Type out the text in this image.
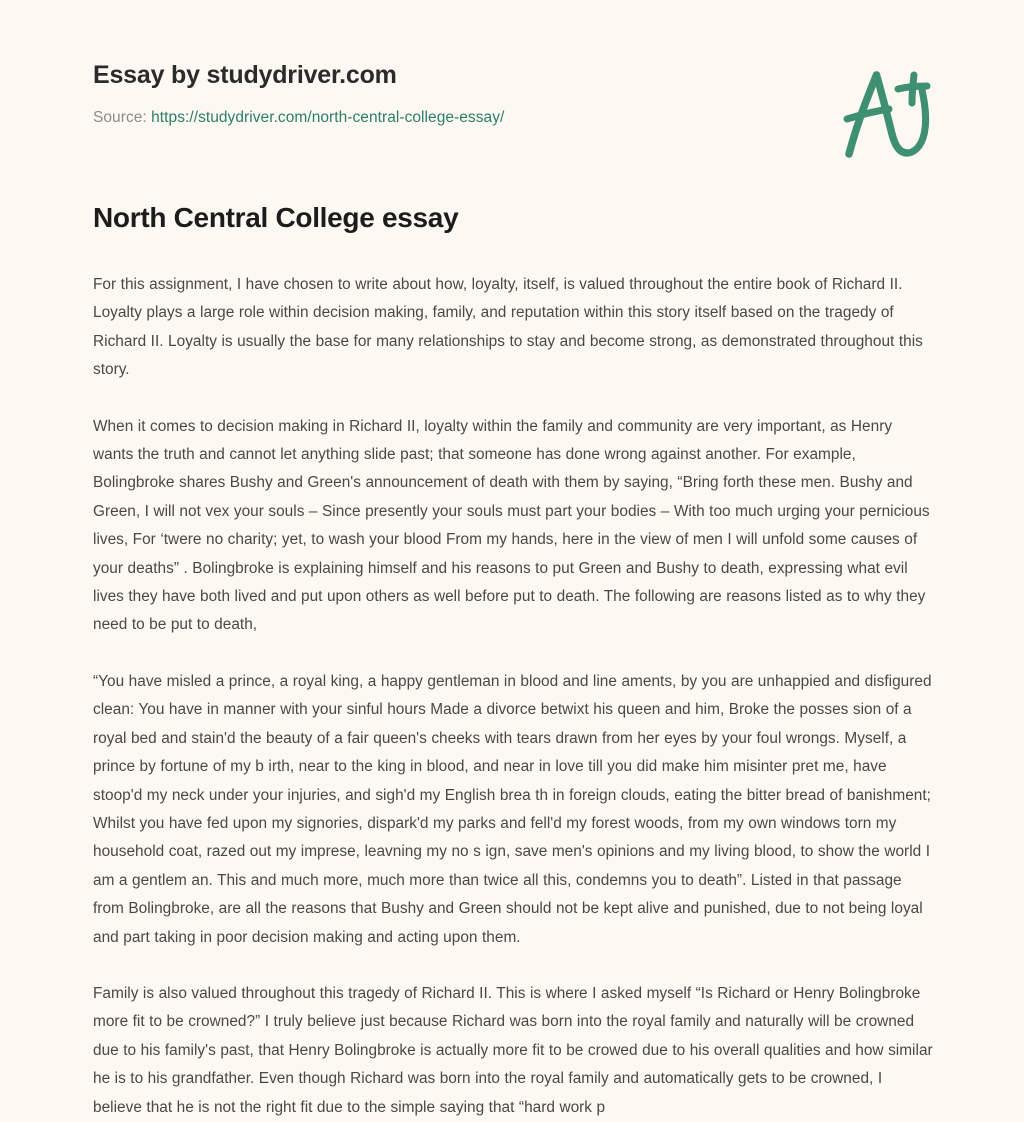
Essay by studydriver.com
Source: https://studydriver.com/north-central-college-essay/
North Central College essay

For this assignment, I have chosen to write about how, loyalty, itself, is valued throughout the entire book of Richard II. Loyalty plays a large role within decision making, family, and reputation within this story itself based on the tragedy of Richard II. Loyalty is usually the base for many relationships to stay and become strong, as demonstrated throughout this story.

When it comes to decision making in Richard II, loyalty within the family and community are very important, as Henry wants the truth and cannot let anything slide past; that someone has done wrong against another. For example, Bolingbroke shares Bushy and Green's announcement of death with them by saying, “Bring forth these men. Bushy and Green, I will not vex your souls – Since presently your souls must part your bodies – With too much urging your pernicious lives, For ‘twere no charity; yet, to wash your blood From my hands, here in the view of men I will unfold some causes of your deaths” . Bolingbroke is explaining himself and his reasons to put Green and Bushy to death, expressing what evil lives they have both lived and put upon others as well before put to death. The following are reasons listed as to why they need to be put to death,

“You have misled a prince, a royal king, a happy gentleman in blood and line aments, by you are unhappied and disfigured clean: You have in manner with your sinful hours Made a divorce betwixt his queen and him, Broke the posses sion of a royal bed and stain'd the beauty of a fair queen's cheeks with tears drawn from her eyes by your foul wrongs. Myself, a prince by fortune of my b irth, near to the king in blood, and near in love till you did make him misinter pret me, have stoop'd my neck under your injuries, and sigh'd my English brea th in foreign clouds, eating the bitter bread of banishment; Whilst you have fed upon my signories, dispark'd my parks and fell'd my forest woods, from my own windows torn my household coat, razed out my imprese, leavning my no s ign, save men's opinions and my living blood, to show the world I am a gentlem an. This and much more, much more than twice all this, condemns you to death”. Listed in that passage from Bolingbroke, are all the reasons that Bushy and Green should not be kept alive and punished, due to not being loyal and part taking in poor decision making and acting upon them.

Family is also valued throughout this tragedy of Richard II. This is where I asked myself “Is Richard or Henry Bolingbroke more fit to be crowned?” I truly believe just because Richard was born into the royal family and naturally will be crowned due to his family's past, that Henry Bolingbroke is actually more fit to be crowed due to his overall qualities and how similar he is to his grandfather. Even though Richard was born into the royal family and automatically gets to be crowned, I believe that he is not the right fit due to the simple saying that “hard work p
